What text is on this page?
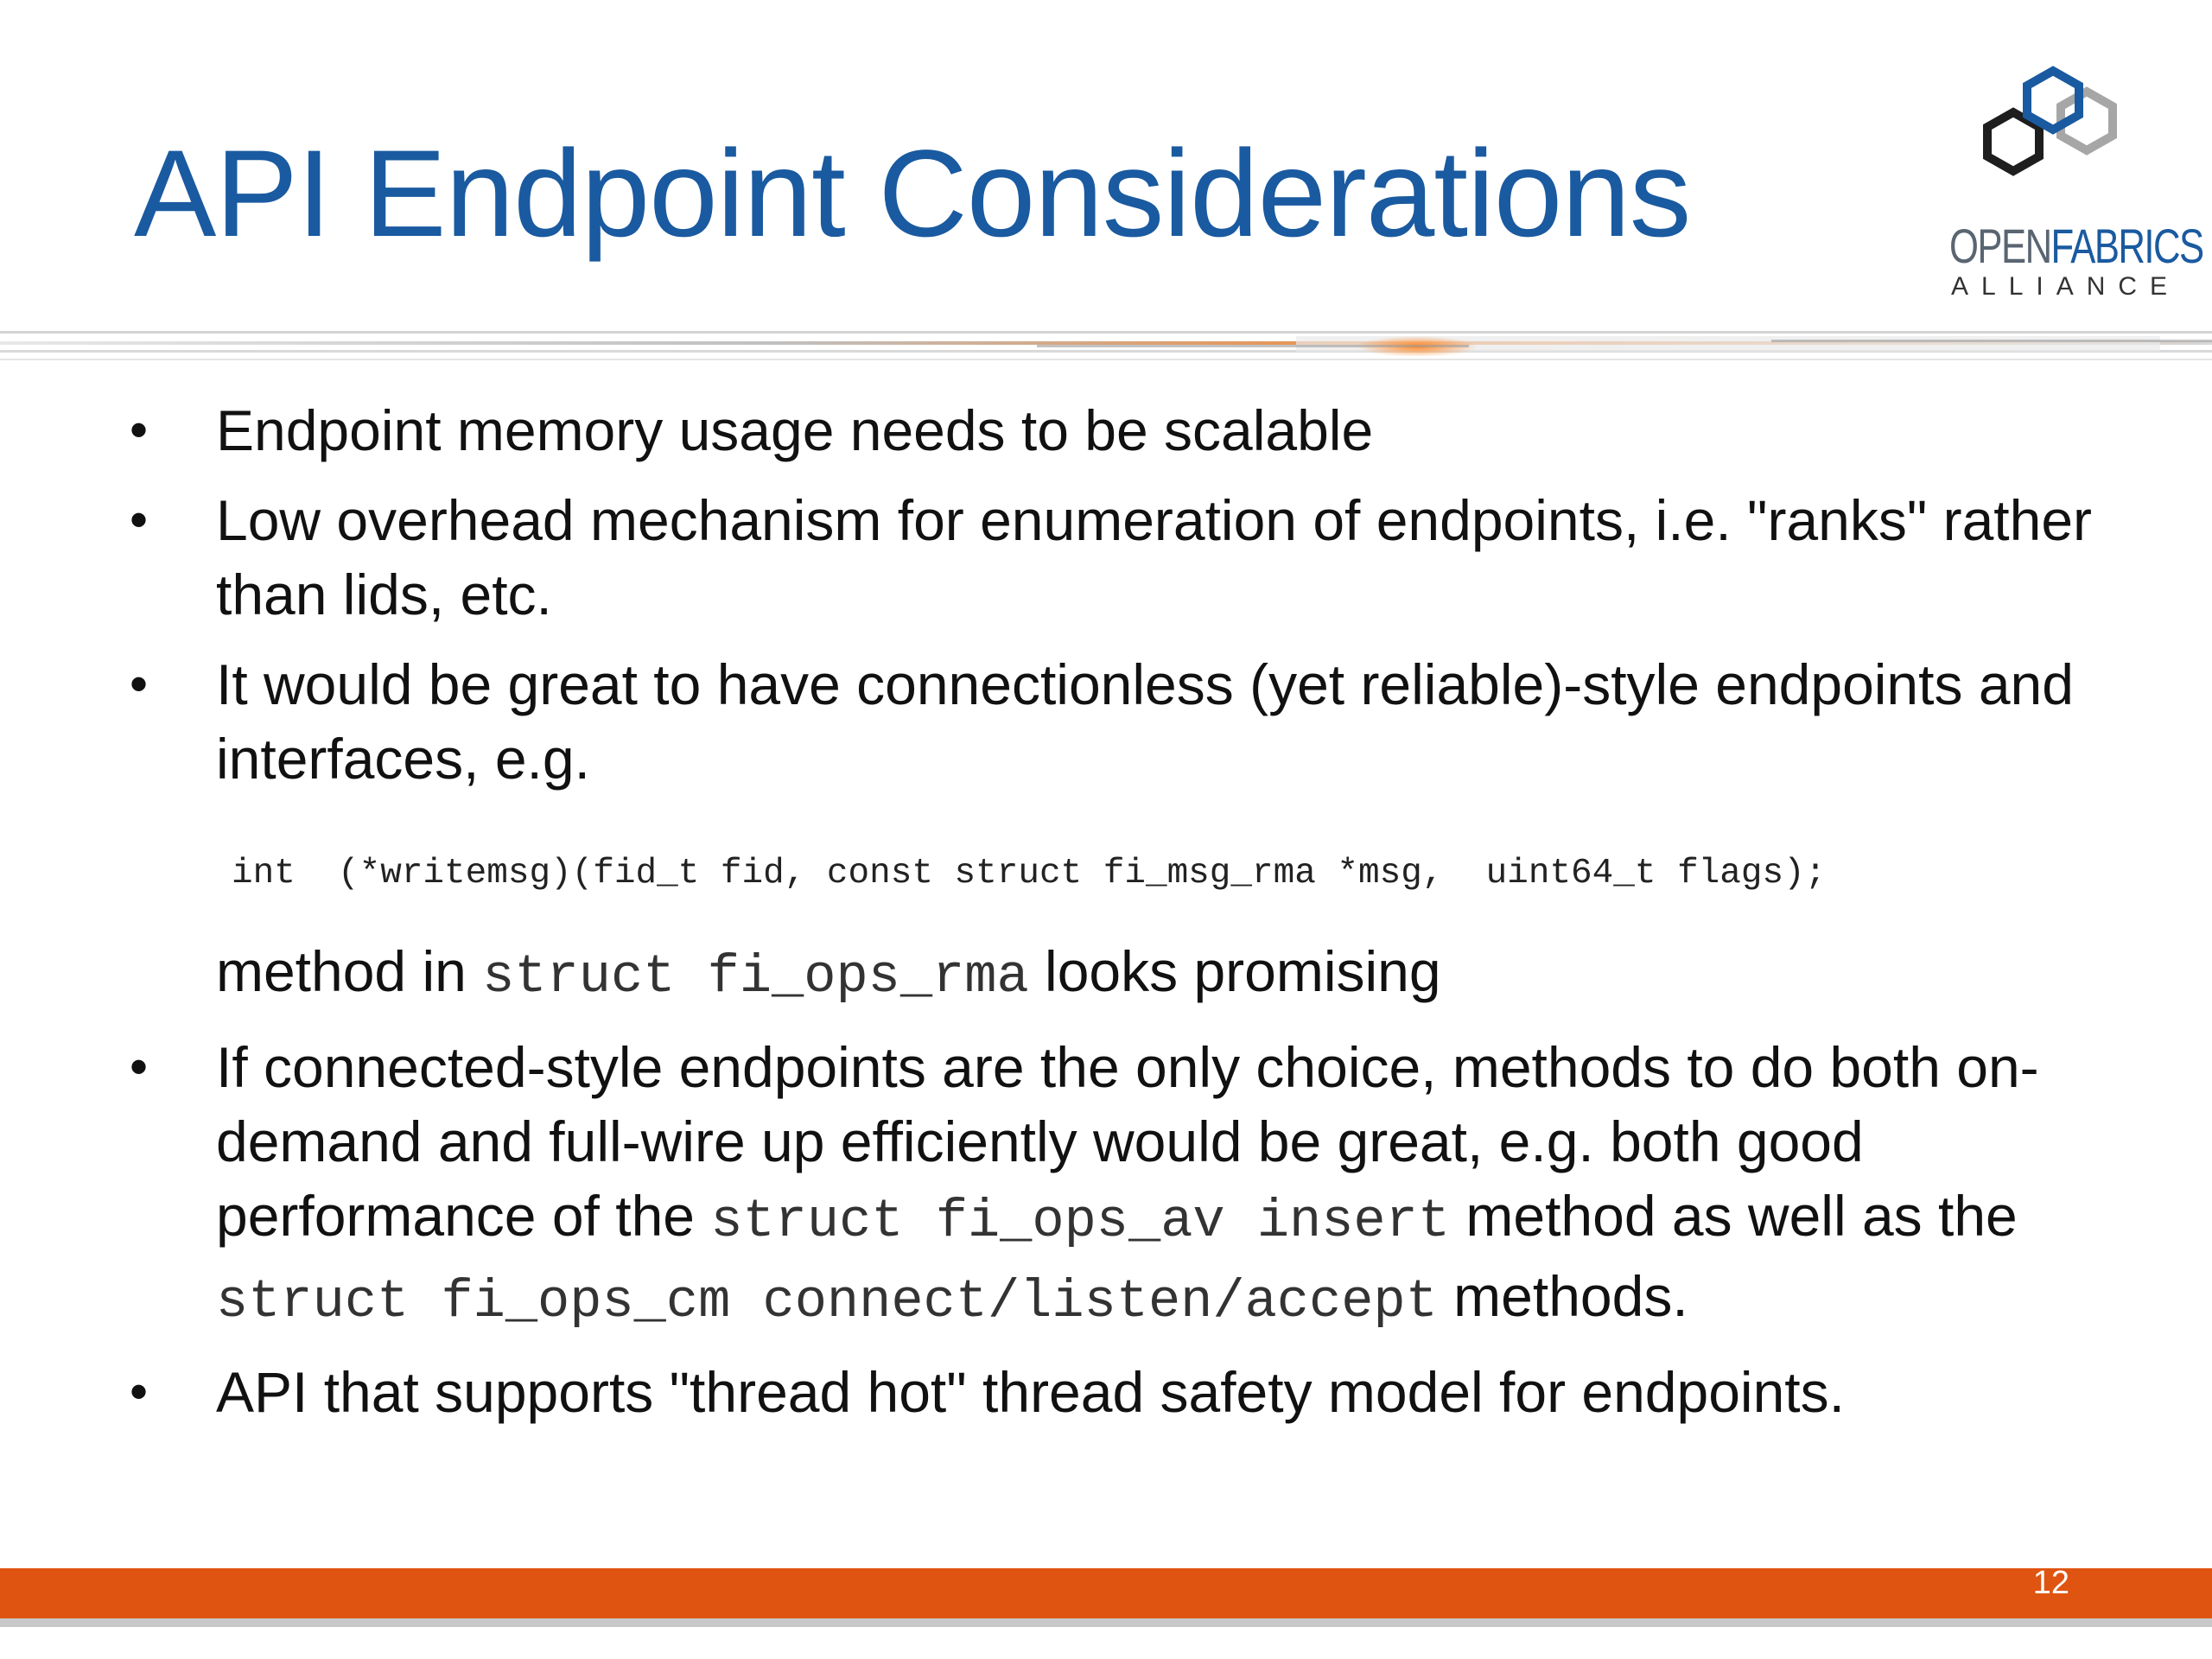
API Endpoint Considerations	OPENFABRICS
ALLIANCE
•	Endpoint memory usage needs to be scalable
•	Low overhead mechanism for enumeration of endpoints, i.e. "ranks" rather than lids, etc.
•	It would be great to have connectionless (yet reliable)-style endpoints and interfaces, e.g.
int  (*writemsg)(fid_t fid, const struct fi_msg_rma *msg,  uint64_t flags);
method in struct fi_ops_rma looks promising
•	If connected-style endpoints are the only choice, methods to do both on-demand and full-wire up efficiently would be great, e.g. both good performance of the struct fi_ops_av insert method as well as the struct fi_ops_cm connect/listen/accept methods.
•	API that supports "thread hot" thread safety model for endpoints.
12
